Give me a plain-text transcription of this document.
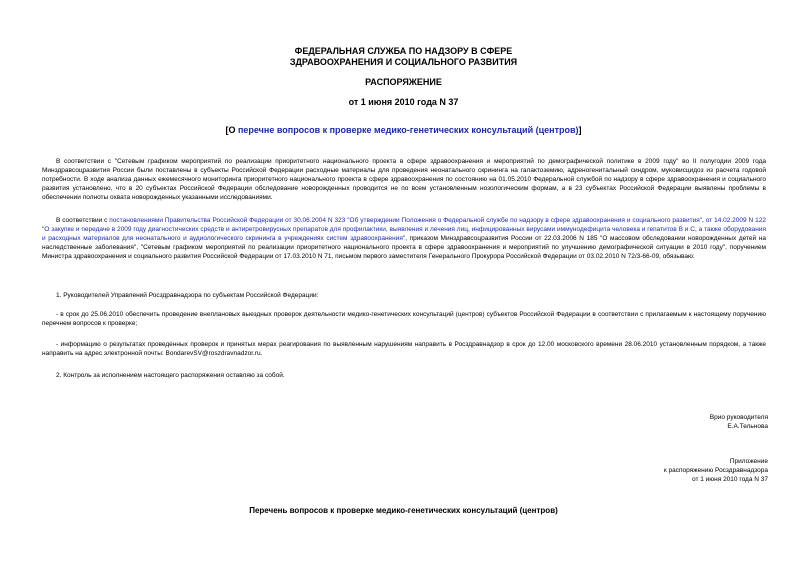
ФЕДЕРАЛЬНАЯ СЛУЖБА ПО НАДЗОРУ В СФЕРЕ
ЗДРАВООХРАНЕНИЯ И СОЦИАЛЬНОГО РАЗВИТИЯ
РАСПОРЯЖЕНИЕ
от 1 июня 2010 года N 37
[О перечне вопросов к проверке медико-генетических консультаций (центров)]
В соответствии с "Сетевым графиком мероприятий по реализации приоритетного национального проекта в сфере здравоохранения и мероприятий по демографической политике в 2009 году" во II полугодии 2009 года Минздравсоцразвития России были поставлены в субъекты Российской Федерации расходные материалы для проведения неонатального скрининга на галактоземию, адреногенитальный синдром, муковисцидоз из расчета годовой потребности. В ходе анализа данных ежемесячного мониторинга приоритетного национального проекта в сфере здравоохранения по состоянию на 01.05.2010 Федеральной службой по надзору в сфере здравоохранения и социального развития установлено, что в 20 субъектах Российской Федерации обследование новорожденных проводится не по всем установленным нозологическим формам, а в 23 субъектах Российской Федерации выявлены проблемы в обеспечении полноты охвата новорожденных указанными исследованиями.
В соответствии с постановлениями Правительства Российской Федерации от 30.06.2004 N 323 "Об утверждении Положения о Федеральной службе по надзору в сфере здравоохранения и социального развития", от 14.02.2009 N 122 "О закупке и передаче в 2009 году диагностических средств и антиретровирусных препаратов для профилактики, выявления и лечения лиц, инфицированных вирусами иммунодефицита человека и гепатитов B и C, а также оборудования и расходных материалов для неонатального и аудиологического скрининга в учреждениях систем здравоохранения", приказом Минздравсоцразвития России от 22.03.2006 N 185 "О массовом обследовании новорожденных детей на наследственные заболевания", "Сетевым графиком мероприятий по реализации приоритетного национального проекта в сфере здравоохранения и мероприятий по улучшению демографической ситуации в 2010 году", поручением Министра здравоохранения и социального развития Российской Федерации от 17.03.2010 N 71, письмом первого заместителя Генерального Прокурора Российской Федерации от 03.02.2010 N 72/3-66-09, обязываю:
1. Руководителей Управлений Росздравнадзора по субъектам Российской Федерации:
- в срок до 25.06.2010 обеспечить проведение внеплановых выездных проверок деятельности медико-генетических консультаций (центров) субъектов Российской Федерации в соответствии с прилагаемым к настоящему поручению перечнем вопросов к проверке;
- информацию о результатах проведенных проверок и принятых мерах реагирования по выявленным нарушениям направить в Росздравнадзор в срок до 12.00 московского времени 28.06.2010 установленным порядком, а также направить на адрес электронной почты: BondarevSV@roszdravnadzor.ru.
2. Контроль за исполнением настоящего распоряжения оставляю за собой.
Врио руководителя
Е.А.Тельнова
Приложение
к распоряжению Росздравнадзора
от 1 июня 2010 года N 37
Перечень вопросов к проверке медико-генетических консультаций (центров)
